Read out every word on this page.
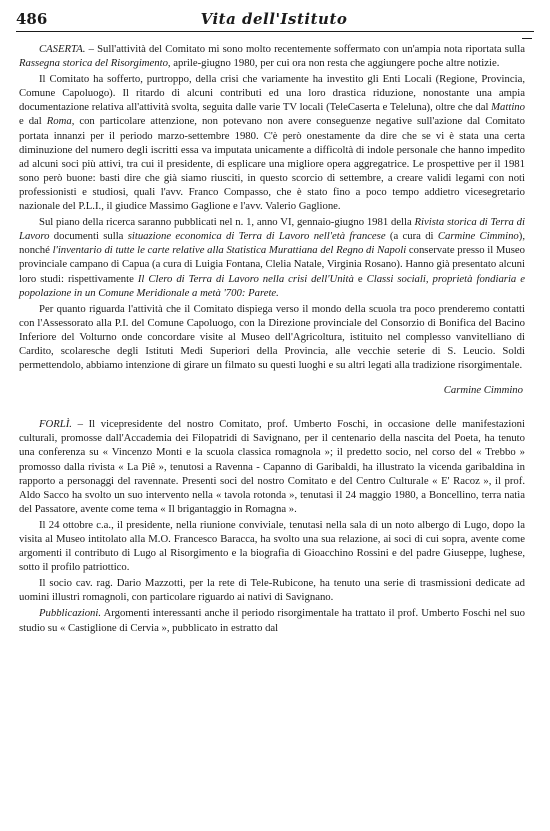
486	Vita dell'Istituto

CASERTA. – Sull'attività del Comitato mi sono molto recentemente soffermato con un'ampia nota riportata sulla Rassegna storica del Risorgimento, aprile-giugno 1980, per cui ora non resta che aggiungere poche altre notizie.

Il Comitato ha sofferto, purtroppo, della crisi che variamente ha investito gli Enti Locali (Regione, Provincia, Comune Capoluogo). Il ritardo di alcuni contributi ed una loro drastica riduzione, nonostante una ampia documentazione relativa all'attività svolta, seguita dalle varie TV locali (TeleCaserta e Teleluna), oltre che dal Mattino e dal Roma, con particolare attenzione, non potevano non avere conseguenze negative sull'azione dal Comitato portata innanzi per il periodo marzo-settembre 1980. C'è però onestamente da dire che se vi è stata una certa diminuzione del numero degli iscritti essa va imputata unicamente a difficoltà di indole personale che hanno impedito ad alcuni soci più attivi, tra cui il presidente, di esplicare una migliore opera aggregatrice. Le prospettive per il 1981 sono però buone: basti dire che già siamo riusciti, in questo scorcio di settembre, a creare validi legami con noti professionisti e studiosi, quali l'avv. Franco Compasso, che è stato fino a poco tempo addietro vicesegretario nazionale del P.L.I., il giudice Massimo Gaglione e l'avv. Valerio Gaglione.

Sul piano della ricerca saranno pubblicati nel n. 1, anno VI, gennaio-giugno 1981 della Rivista storica di Terra di Lavoro documenti sulla situazione economica di Terra di Lavoro nell'età francese (a cura di Carmine Cimmino), nonché l'inventario di tutte le carte relative alla Statistica Murattiana del Regno di Napoli conservate presso il Museo provinciale campano di Capua (a cura di Luigia Fontana, Clelia Natale, Virginia Rosano). Hanno già presentato alcuni loro studi: rispettivamente Il Clero di Terra di Lavoro nella crisi dell'Unità e Classi sociali, proprietà fondiaria e popolazione in un Comune Meridionale a metà '700: Parete.

Per quanto riguarda l'attività che il Comitato dispiega verso il mondo della scuola tra poco prenderemo contatti con l'Assessorato alla P.I. del Comune Capoluogo, con la Direzione provinciale del Consorzio di Bonifica del Bacino Inferiore del Volturno onde concordare visite al Museo dell'Agricoltura, istituito nel complesso vanvitelliano di Cardito, scolaresche degli Istituti Medi Superiori della Provincia, alle vecchie seterie di S. Leucio. Soldi permettendolo, abbiamo intenzione di girare un filmato su questi luoghi e su altri legati alla tradizione risorgimentale.

Carmine Cimmino

FORLÌ. – Il vicepresidente del nostro Comitato, prof. Umberto Foschi, in occasione delle manifestazioni culturali, promosse dall'Accademia dei Filopatridi di Savignano, per il centenario della nascita del Poeta, ha tenuto una conferenza su « Vincenzo Monti e la scuola classica romagnola »; il predetto socio, nel corso del « Trebbo » promosso dalla rivista « La Piê », tenutosi a Ravenna - Capanno di Garibaldi, ha illustrato la vicenda garibaldina in rapporto a personaggi del ravennate. Presenti soci del nostro Comitato e del Centro Culturale « E' Racoz », il prof. Aldo Sacco ha svolto un suo intervento nella « tavola rotonda », tenutasi il 24 maggio 1980, a Boncellino, terra natìa del Passatore, avente come tema « Il brigantaggio in Romagna ».

Il 24 ottobre c.a., il presidente, nella riunione conviviale, tenutasi nella sala di un noto albergo di Lugo, dopo la visita al Museo intitolato alla M.O. Francesco Baracca, ha svolto una sua relazione, ai soci di cui sopra, avente come argomenti il contributo di Lugo al Risorgimento e la biografia di Gioacchino Rossini e del padre Giuseppe, lughese, sotto il profilo patriottico.

Il socio cav. rag. Dario Mazzotti, per la rete di Tele-Rubicone, ha tenuto una serie di trasmissioni dedicate ad uomini illustri romagnoli, con particolare riguardo ai nativi di Savignano.

Pubblicazioni. Argomenti interessanti anche il periodo risorgimentale ha trattato il prof. Umberto Foschi nel suo studio su « Castiglione di Cervia », pubblicato in estratto dal
